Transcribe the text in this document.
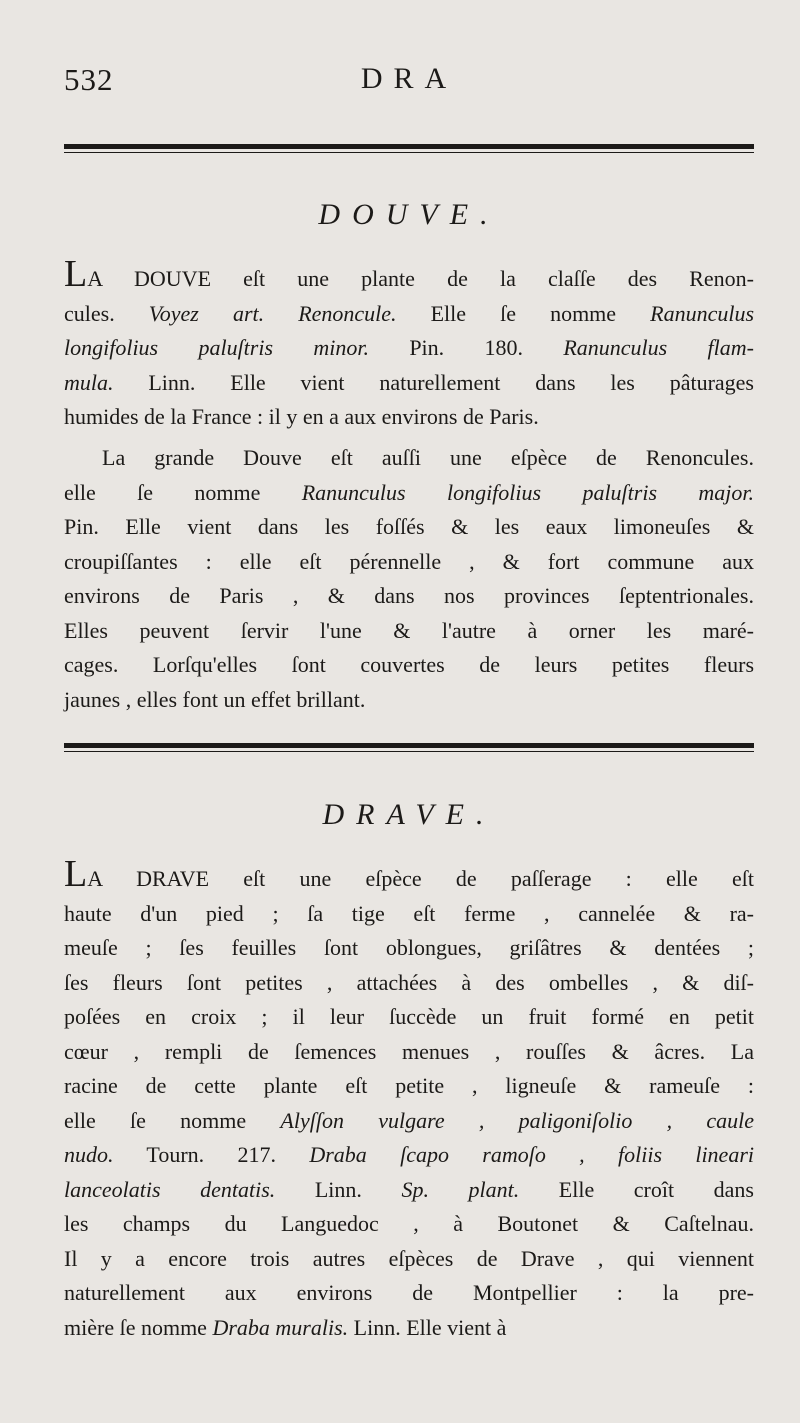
532	DRA
DOUVE.
LA DOUVE eſt une plante de la claſſe des Renon-
cules. Voyez art. Renoncule. Elle ſe nomme Ranunculus
longifolius paluſtris minor. Pin. 180. Ranunculus flam-
mula. Linn. Elle vient naturellement dans les pâturages
humides de la France : il y en a aux environs de Paris.
La grande Douve eſt auſſi une eſpèce de Renoncules.
elle ſe nomme Ranunculus longifolius paluſtris major.
Pin. Elle vient dans les foſſés & les eaux limoneuſes &
croupiſſantes : elle eſt pérennelle , & fort commune aux
environs de Paris , & dans nos provinces ſeptentrionales.
Elles peuvent ſervir l'une & l'autre à orner les maré-
cages. Lorſqu'elles ſont couvertes de leurs petites fleurs
jaunes , elles font un effet brillant.
DRAVE.
LA DRAVE eſt une eſpèce de paſſerage : elle eſt
haute d'un pied ; ſa tige eſt ferme , cannelée & ra-
meuſe ; ſes feuilles ſont oblongues, griſâtres & dentées ;
ſes fleurs ſont petites , attachées à des ombelles , & diſ-
poſées en croix ; il leur ſuccède un fruit formé en petit
cœur , rempli de ſemences menues , rouſſes & âcres. La
racine de cette plante eſt petite , ligneuſe & rameuſe :
elle ſe nomme Alyſſon vulgare , paligoniſolio , caule
nudo. Tourn. 217. Draba ſcapo ramoſo , foliis lineari
lanceolatis dentatis. Linn. Sp. plant. Elle croît dans
les champs du Languedoc , à Boutonet & Caſtelnau.
Il y a encore trois autres eſpèces de Drave , qui viennent
naturellement aux environs de Montpellier : la pre-
mière ſe nomme Draba muralis. Linn. Elle vient à
